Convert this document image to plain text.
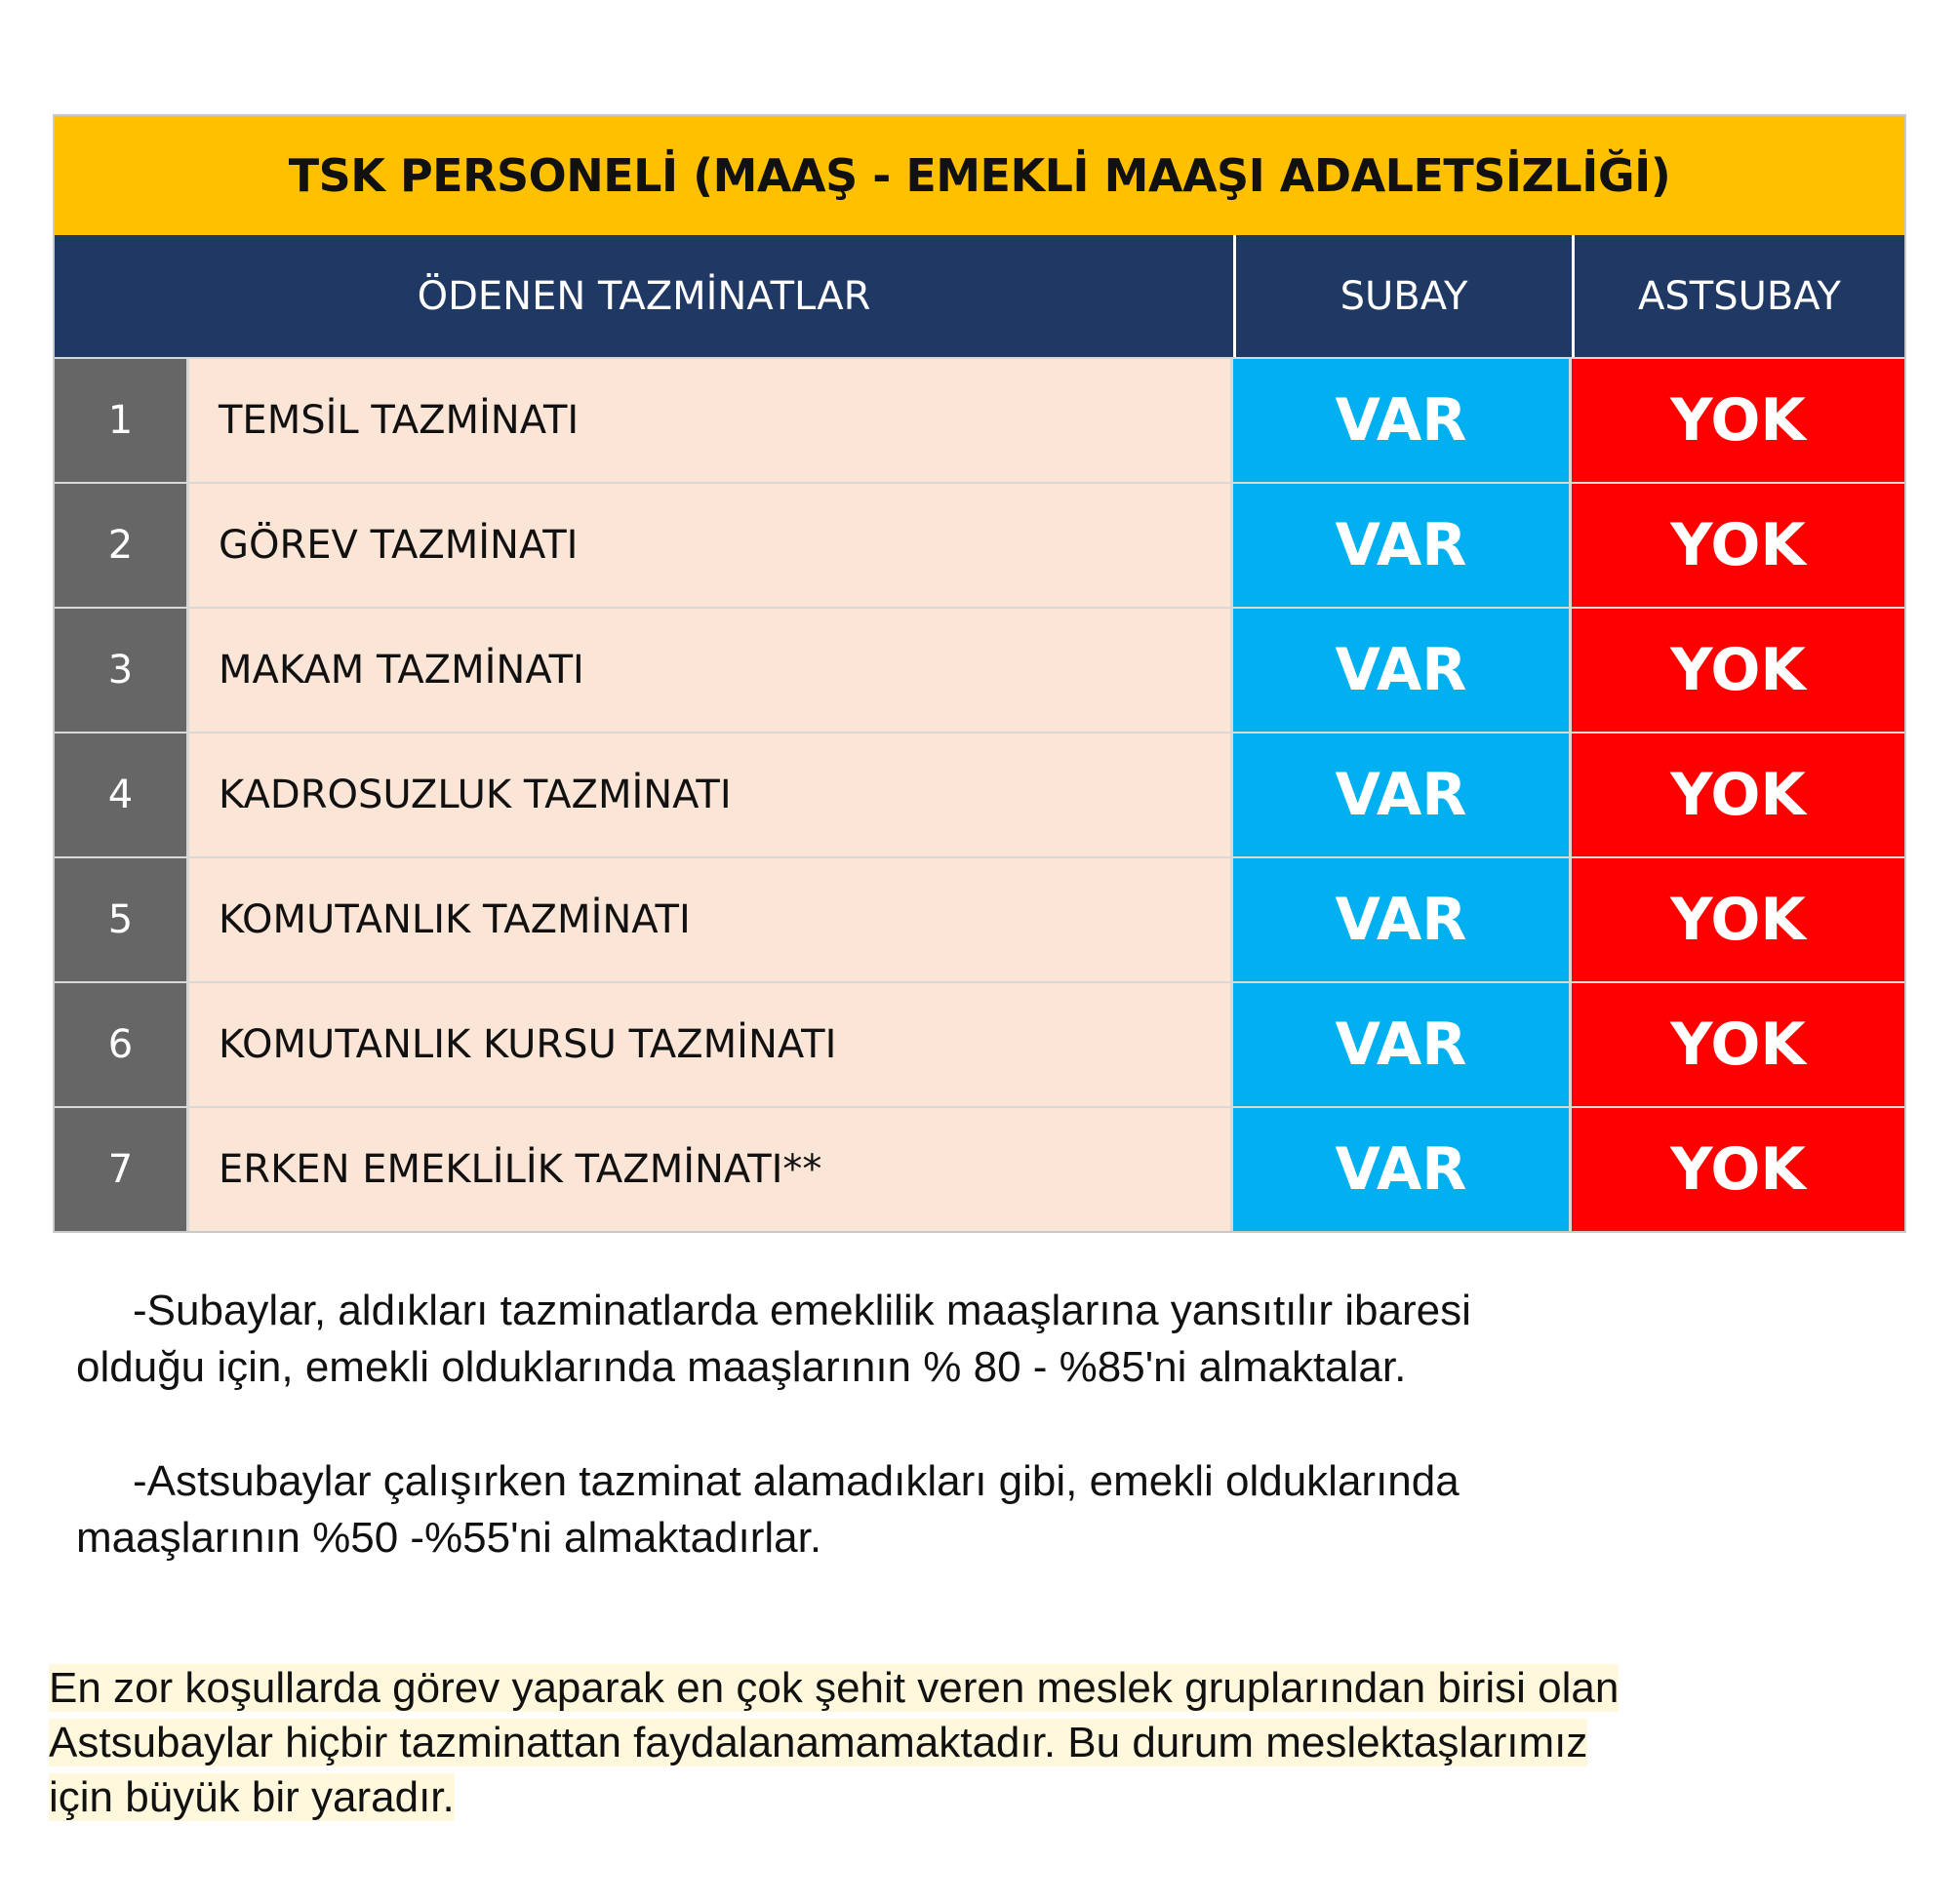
TSK PERSONELİ (MAAŞ - EMEKLİ MAAŞI ADALETSİZLİĞİ)
ÖDENEN TAZMİNATLAR	SUBAY	ASTSUBAY
1	TEMSİL TAZMİNATI	VAR	YOK
2	GÖREV TAZMİNATI	VAR	YOK
3	MAKAM TAZMİNATI	VAR	YOK
4	KADROSUZLUK TAZMİNATI	VAR	YOK
5	KOMUTANLIK TAZMİNATI	VAR	YOK
6	KOMUTANLIK KURSU TAZMİNATI	VAR	YOK
7	ERKEN EMEKLİLİK TAZMİNATI**	VAR	YOK
-Subaylar, aldıkları tazminatlarda emeklilik maaşlarına yansıtılır ibaresi
olduğu için, emekli olduklarında maaşlarının % 80 - %85'ni almaktalar.
-Astsubaylar çalışırken tazminat alamadıkları gibi, emekli olduklarında
maaşlarının %50 -%55'ni almaktadırlar.
En zor koşullarda görev yaparak en çok şehit veren meslek gruplarından birisi olan
Astsubaylar hiçbir tazminattan faydalanamamaktadır. Bu durum meslektaşlarımız
için büyük bir yaradır.
